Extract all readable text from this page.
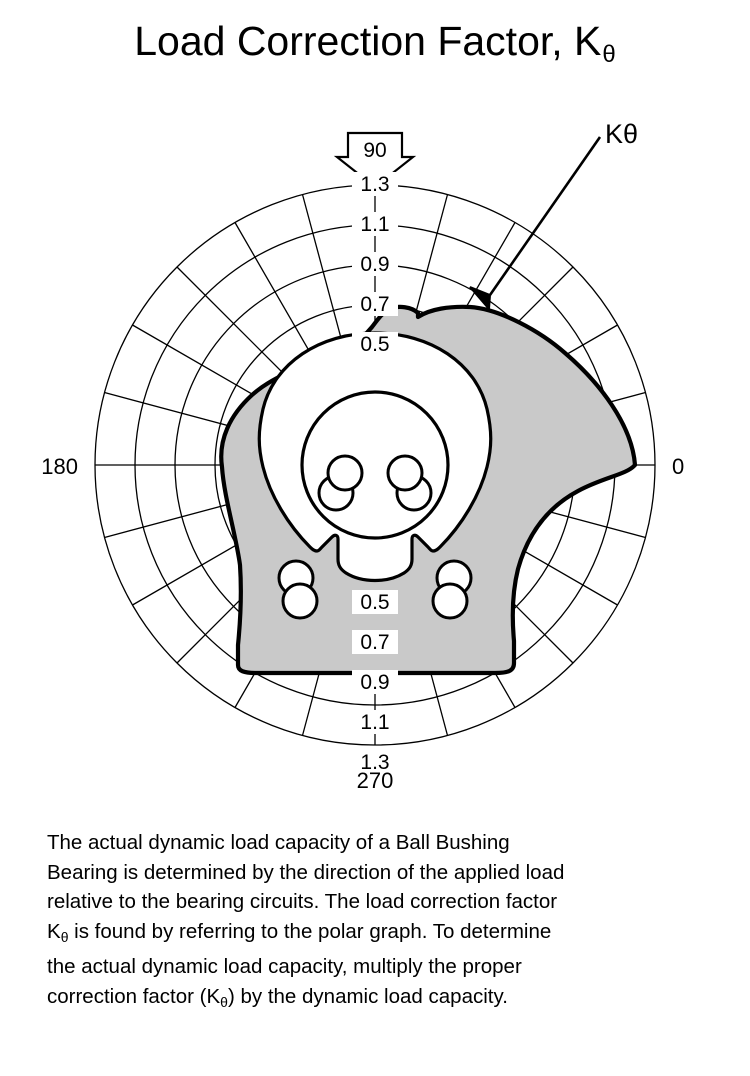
Load Correction Factor, $K_\theta$
90
1.3
1.1
0.9
0.7
0.5
0.5
0.7
0.9
1.1
1.3
0
180
270
Kθ
The actual dynamic load capacity of a Ball Bushing
Bearing is determined by the direction of the applied load
relative to the bearing circuits. The load correction factor
$K_\theta$ is found by referring to the polar graph. To determine
the actual dynamic load capacity, multiply the proper
correction factor $(K_\theta)$ by the dynamic load capacity.
